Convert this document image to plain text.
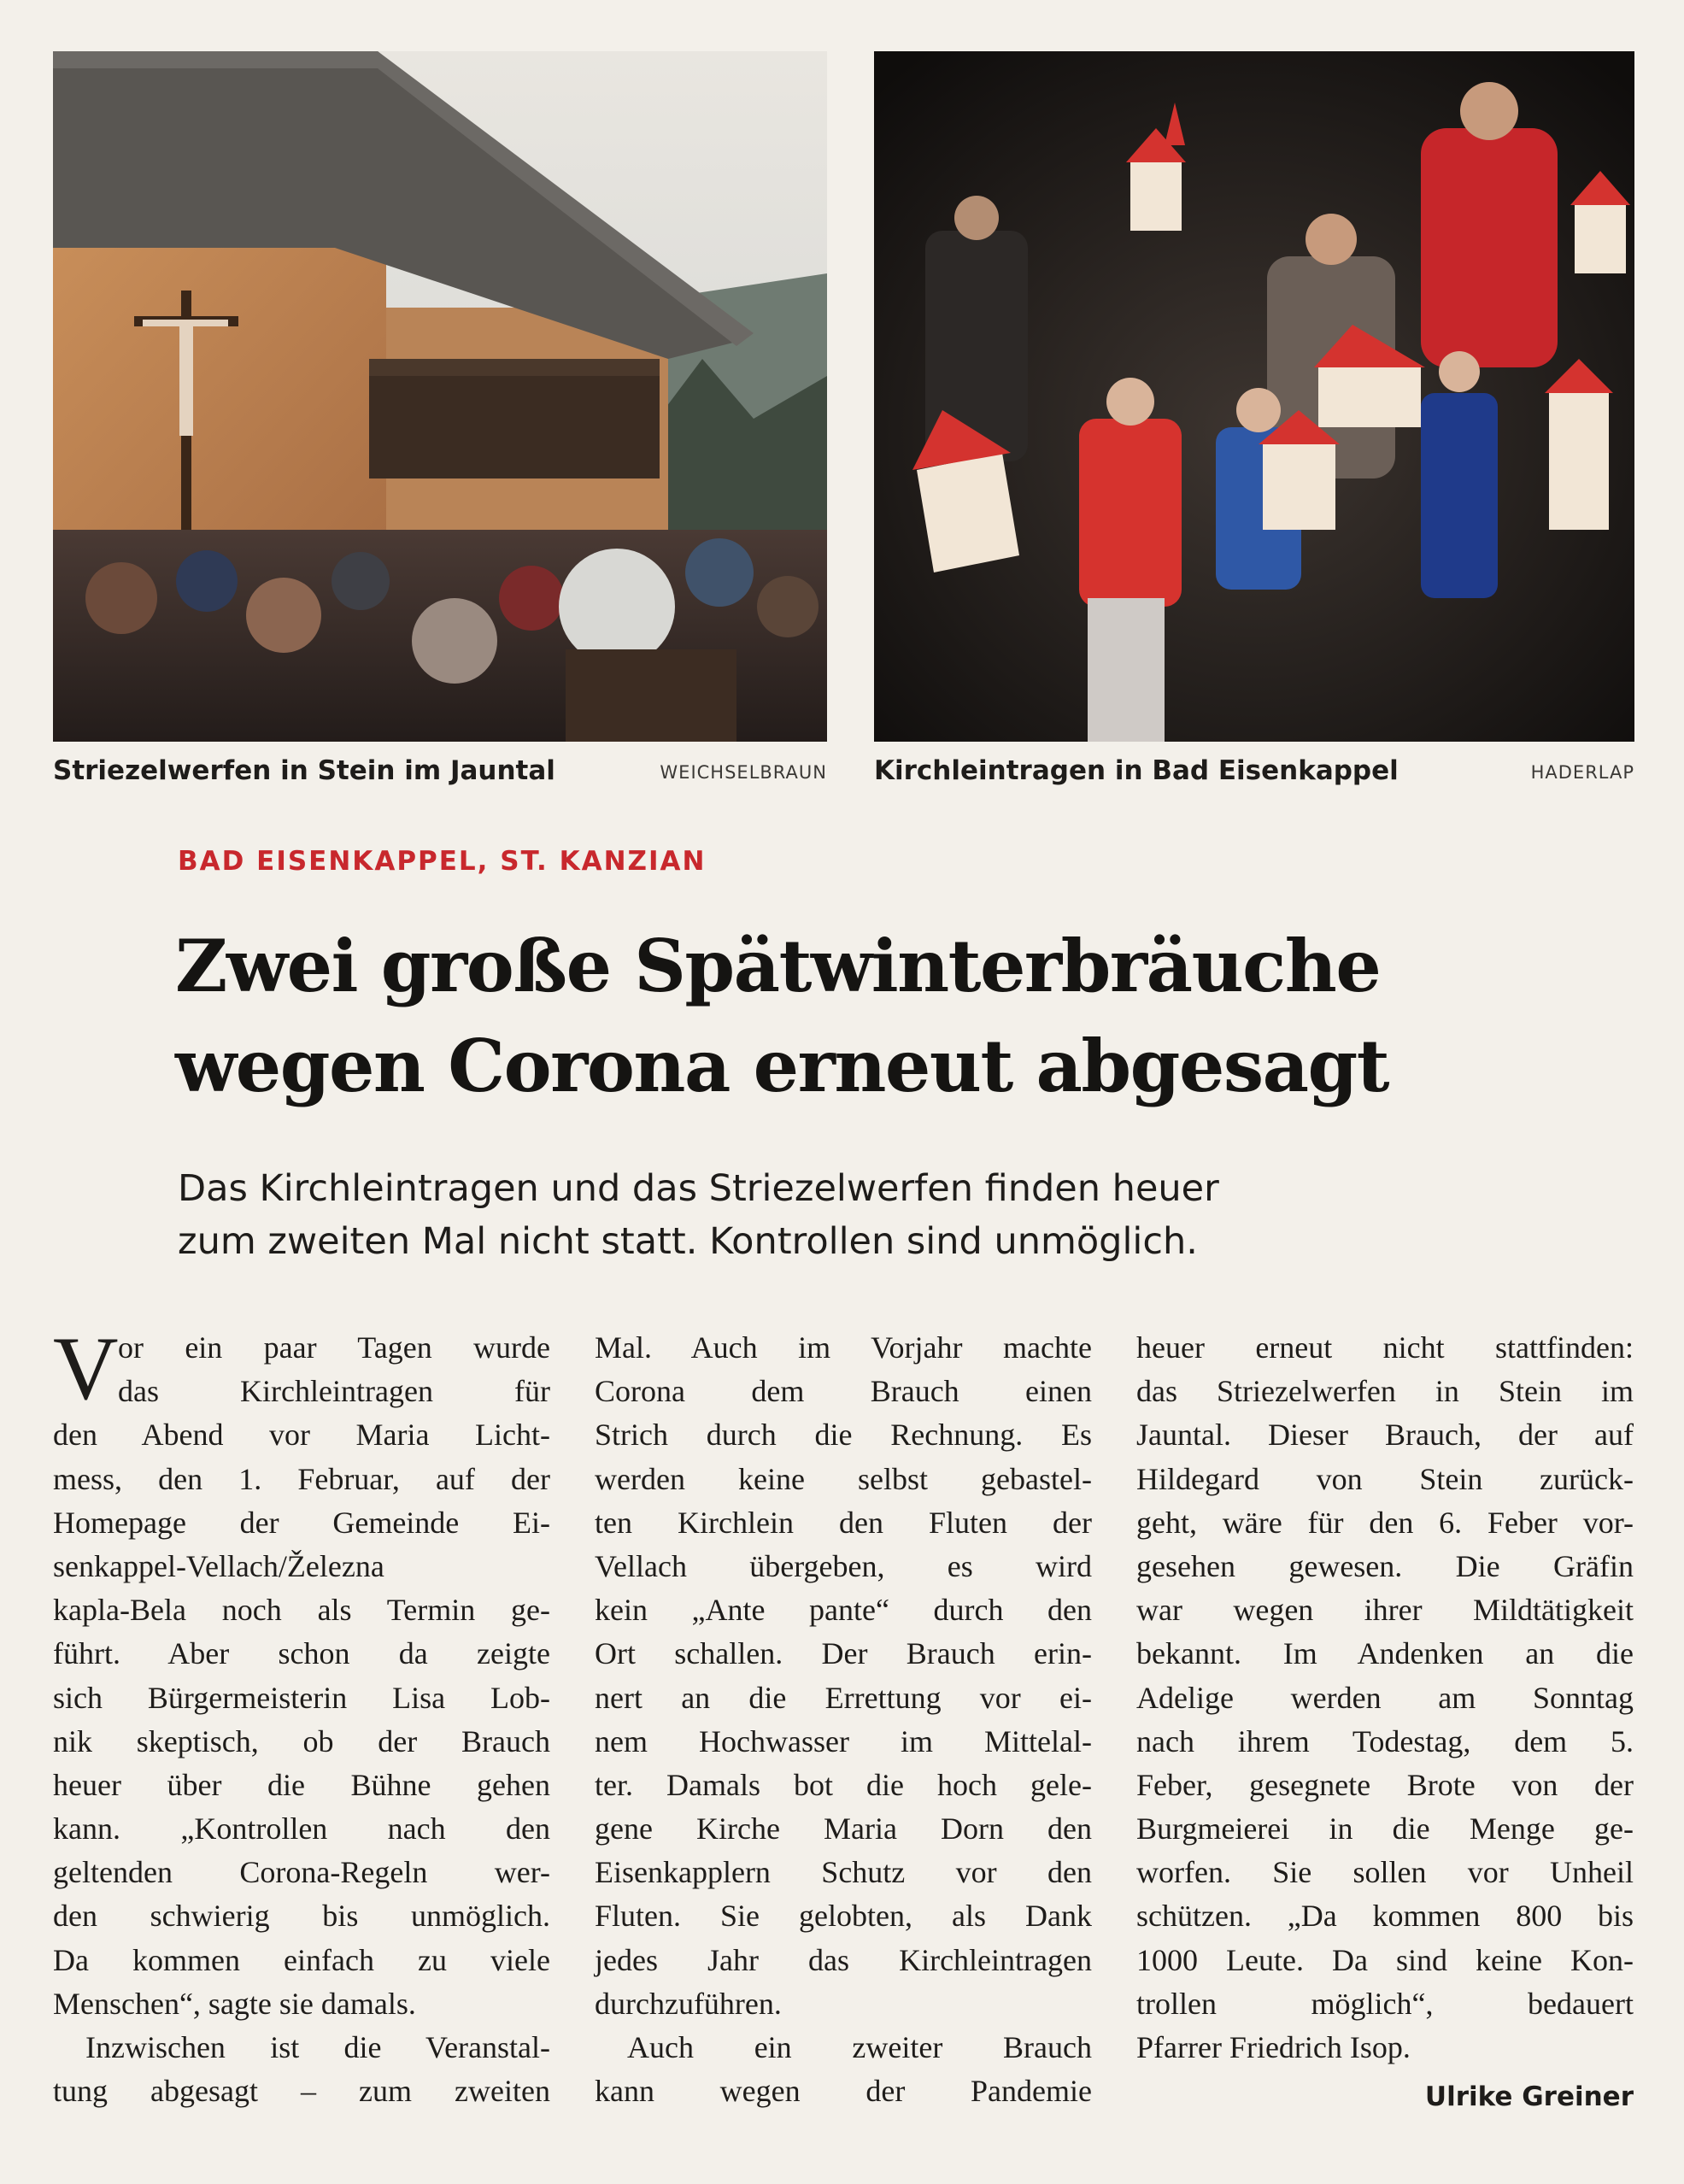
Striezelwerfen in Stein im Jauntal	WEICHSELBRAUN Kirchleintragen in Bad Eisenkappel	HADERLAP
BAD EISENKAPPEL, ST. KANZIAN
Zwei große Spätwinterbräuche
wegen Corona erneut abgesagt
Das Kirchleintragen und das Striezelwerfen finden heuer
zum zweiten Mal nicht statt. Kontrollen sind unmöglich.
V or ein paar Tagen wurde
das Kirchleintragen für
den Abend vor Maria Licht-
mess, den 1. Februar, auf der
Homepage der Gemeinde Ei-
senkappel-Vellach/Železna
kapla-Bela noch als Termin ge-
führt. Aber schon da zeigte
sich Bürgermeisterin Lisa Lob-
nik skeptisch, ob der Brauch
heuer über die Bühne gehen
kann. „Kontrollen nach den
geltenden Corona-Regeln wer-
den schwierig bis unmöglich.
Da kommen einfach zu viele
Menschen“, sagte sie damals.
Inzwischen ist die Veranstal-
tung abgesagt – zum zweiten
Mal. Auch im Vorjahr machte
Corona dem Brauch einen
Strich durch die Rechnung. Es
werden keine selbst gebastel-
ten Kirchlein den Fluten der
Vellach übergeben, es wird
kein „Ante pante“ durch den
Ort schallen. Der Brauch erin-
nert an die Errettung vor ei-
nem Hochwasser im Mittelal-
ter. Damals bot die hoch gele-
gene Kirche Maria Dorn den
Eisenkapplern Schutz vor den
Fluten. Sie gelobten, als Dank
jedes Jahr das Kirchleintragen
durchzuführen.
Auch ein zweiter Brauch
kann wegen der Pandemie
heuer erneut nicht stattfinden:
das Striezelwerfen in Stein im
Jauntal. Dieser Brauch, der auf
Hildegard von Stein zurück-
geht, wäre für den 6. Feber vor-
gesehen gewesen. Die Gräfin
war wegen ihrer Mildtätigkeit
bekannt. Im Andenken an die
Adelige werden am Sonntag
nach ihrem Todestag, dem 5.
Feber, gesegnete Brote von der
Burgmeierei in die Menge ge-
worfen. Sie sollen vor Unheil
schützen. „Da kommen 800 bis
1000 Leute. Da sind keine Kon-
trollen möglich“, bedauert
Pfarrer Friedrich Isop.
Ulrike Greiner
